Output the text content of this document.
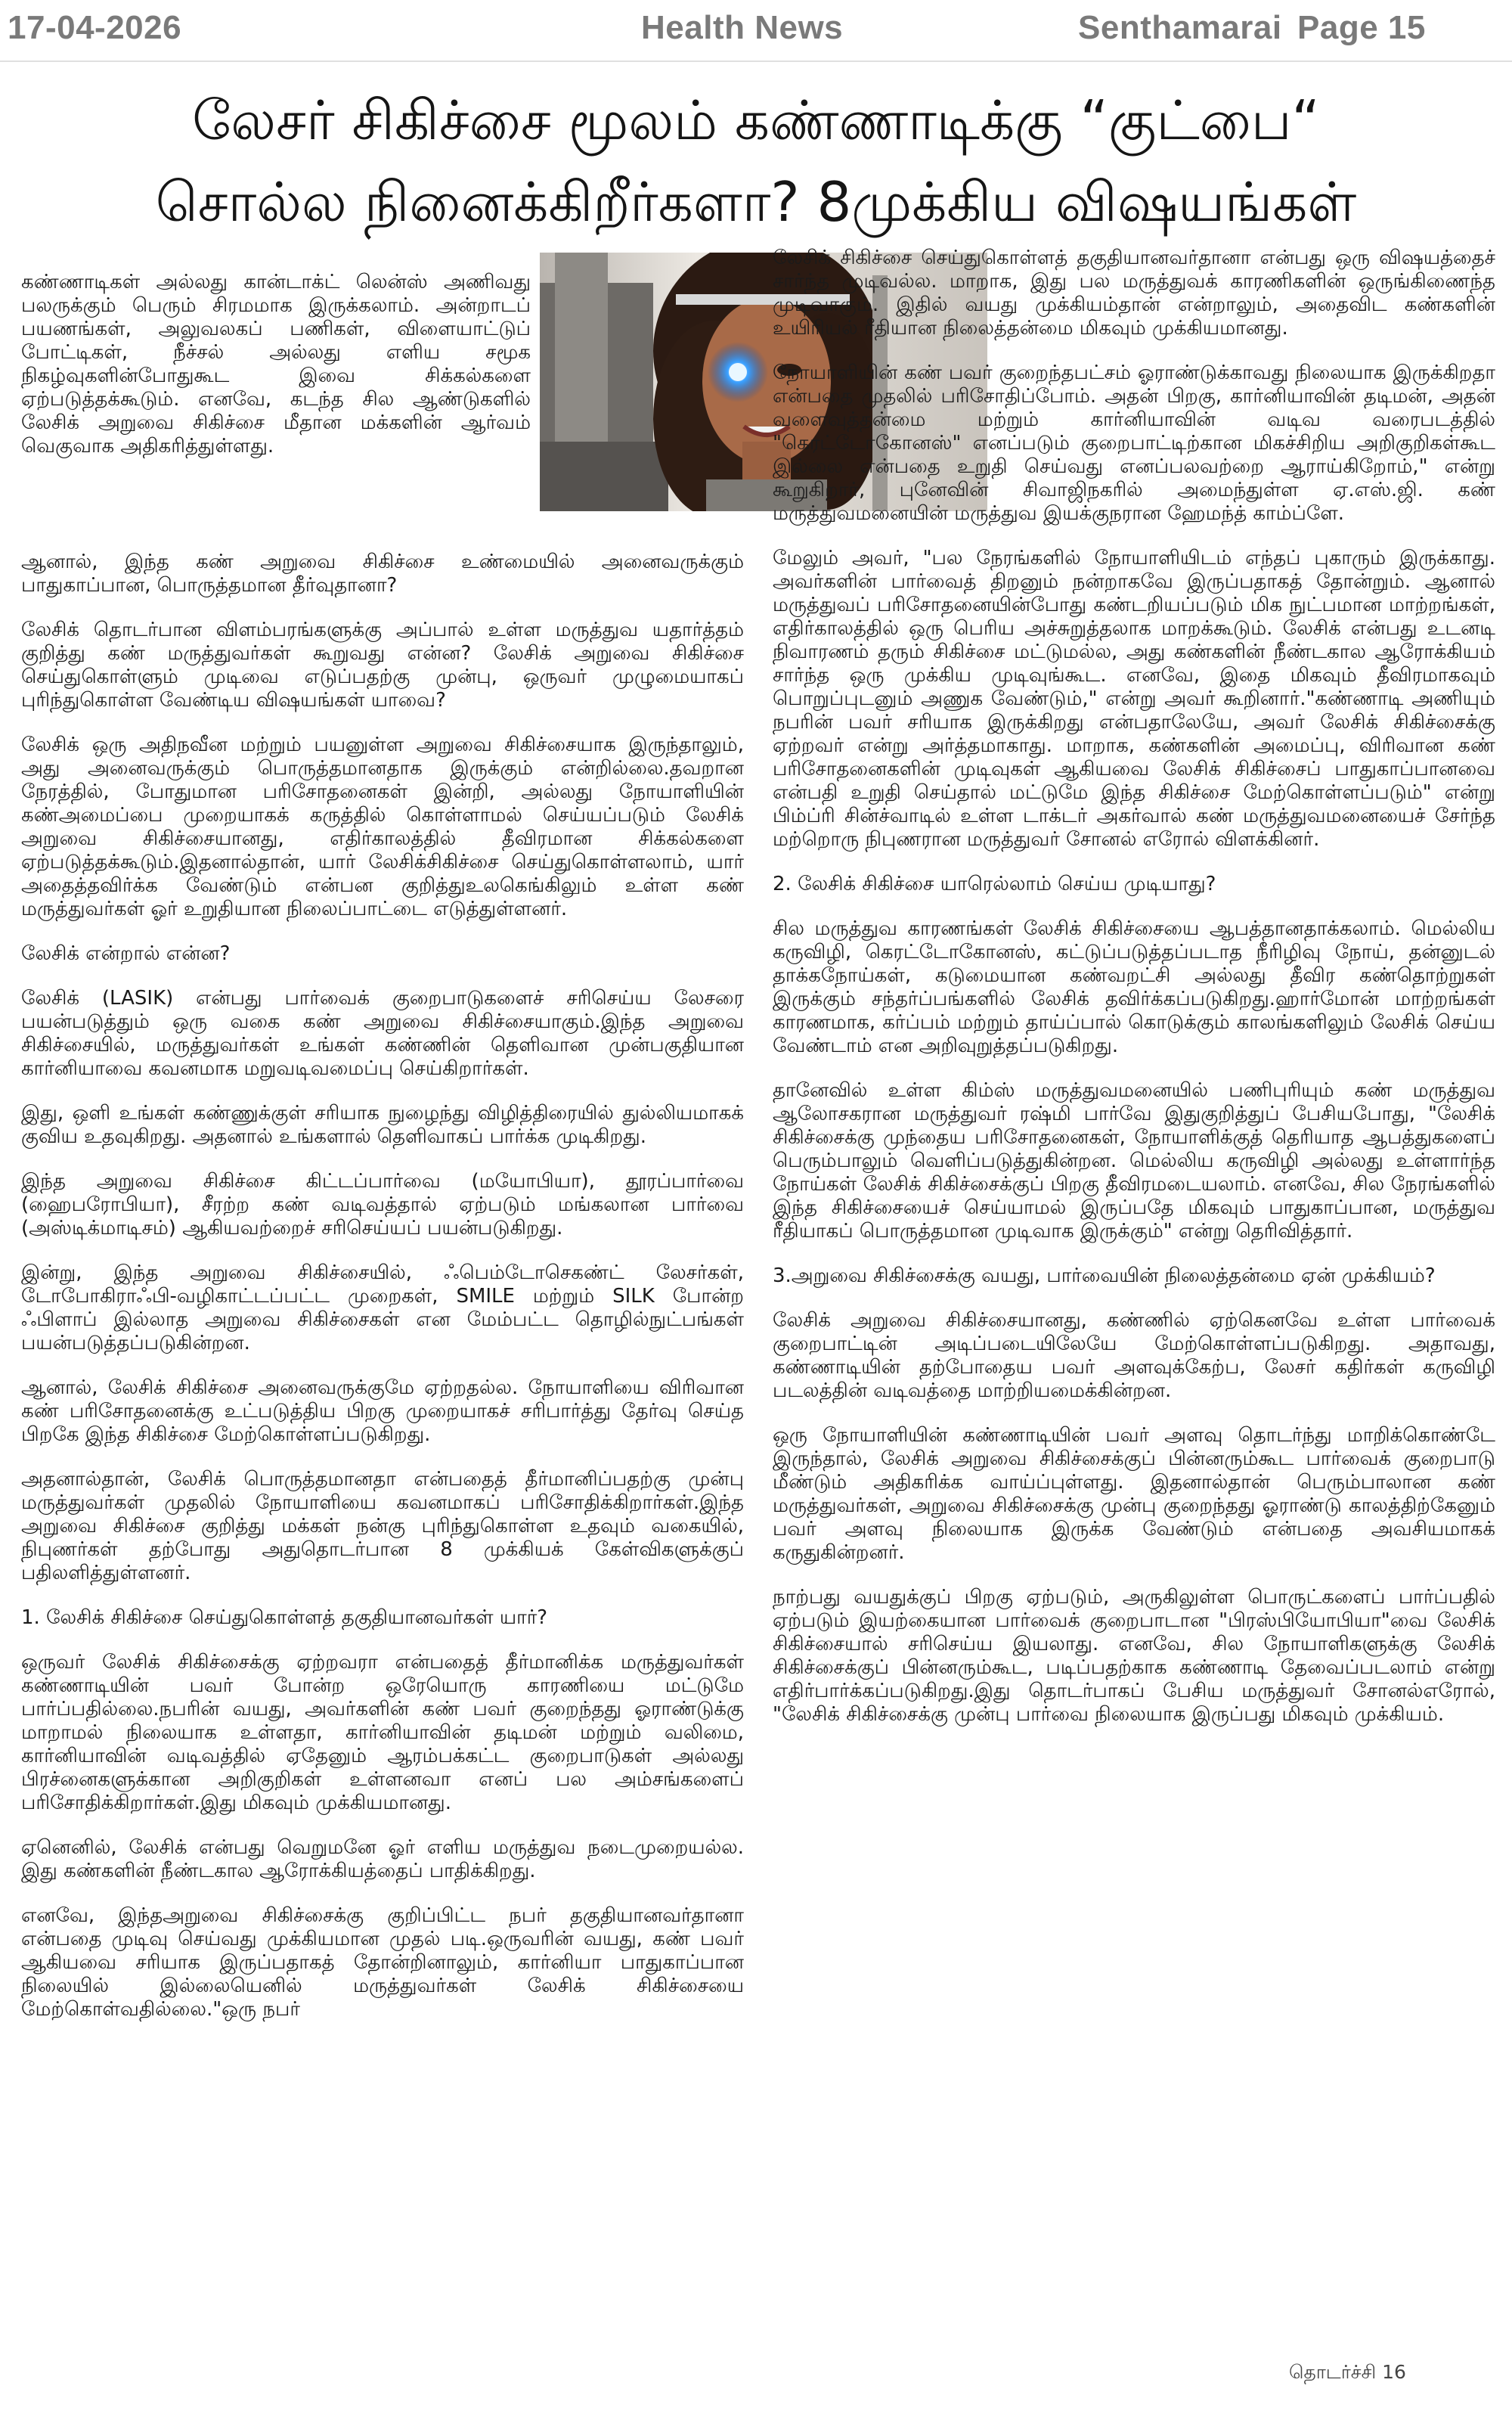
17-04-2026	Health News	Senthamarai Page 15
லேசர் சிகிச்சை மூலம் கண்ணாடிக்கு “குட்பை“
சொல்ல நினைக்கிறீர்களா? 8முக்கிய விஷயங்கள்

கண்ணாடிகள் அல்லது கான்டாக்ட் லென்ஸ் அணிவது பலருக்கும் பெரும் சிரமமாக இருக்கலாம். அன்றாடப் பயணங்கள், அலுவலகப் பணிகள், விளையாட்டுப் போட்டிகள், நீச்சல் அல்லது எளிய சமூக நிகழ்வுகளின்போதுகூட இவை சிக்கல்களை ஏற்படுத்தக்கூடும். எனவே, கடந்த சில ஆண்டுகளில் லேசிக் அறுவை சிகிச்சை மீதான மக்களின் ஆர்வம் வெகுவாக அதிகரித்துள்ளது.

ஆனால், இந்த கண் அறுவை சிகிச்சை உண்மையில் அனைவருக்கும் பாதுகாப்பான, பொருத்தமான தீர்வுதானா?

லேசிக் தொடர்பான விளம்பரங்களுக்கு அப்பால் உள்ள மருத்துவ யதார்த்தம் குறித்து கண் மருத்துவர்கள் கூறுவது என்ன? லேசிக் அறுவை சிகிச்சை செய்துகொள்ளும் முடிவை எடுப்பதற்கு முன்பு, ஒருவர் முழுமையாகப் புரிந்துகொள்ள வேண்டிய விஷயங்கள் யாவை?

லேசிக் ஒரு அதிநவீன மற்றும் பயனுள்ள அறுவை சிகிச்சையாக இருந்தாலும், அது அனைவருக்கும் பொருத்தமானதாக இருக்கும் என்றில்லை.தவறான நேரத்தில், போதுமான பரிசோதனைகள் இன்றி, அல்லது நோயாளியின் கண்அமைப்பை முறையாகக் கருத்தில் கொள்ளாமல் செய்யப்படும் லேசிக் அறுவை சிகிச்சையானது, எதிர்காலத்தில் தீவிரமான சிக்கல்களை ஏற்படுத்தக்கூடும்.இதனால்தான், யார் லேசிக்சிகிச்சை செய்துகொள்ளலாம், யார் அதைத்தவிர்க்க வேண்டும் என்பன குறித்துஉலகெங்கிலும் உள்ள கண் மருத்துவர்கள் ஓர் உறுதியான நிலைப்பாட்டை எடுத்துள்ளனர்.

லேசிக் என்றால் என்ன?

லேசிக் (LASIK) என்பது பார்வைக் குறைபாடுகளைச் சரிசெய்ய லேசரை பயன்படுத்தும் ஒரு வகை கண் அறுவை சிகிச்சையாகும்.இந்த அறுவை சிகிச்சையில், மருத்துவர்கள் உங்கள் கண்ணின் தெளிவான முன்பகுதியான கார்னியாவை கவனமாக மறுவடிவமைப்பு செய்கிறார்கள்.

இது, ஒளி உங்கள் கண்ணுக்குள் சரியாக நுழைந்து விழித்திரையில் துல்லியமாகக் குவிய உதவுகிறது. அதனால் உங்களால் தெளிவாகப் பார்க்க முடிகிறது.

இந்த அறுவை சிகிச்சை கிட்டப்பார்வை (மயோபியா), தூரப்பார்வை (ஹைபரோபியா), சீரற்ற கண் வடிவத்தால் ஏற்படும் மங்கலான பார்வை (அஸ்டிக்மாடிசம்) ஆகியவற்றைச் சரிசெய்யப் பயன்படுகிறது.

இன்று, இந்த அறுவை சிகிச்சையில், ஃபெம்டோசெகண்ட் லேசர்கள், டோபோகிராஃபி-வழிகாட்டப்பட்ட முறைகள், SMILE மற்றும் SILK போன்ற ஃபிளாப் இல்லாத அறுவை சிகிச்சைகள் என மேம்பட்ட தொழில்நுட்பங்கள் பயன்படுத்தப்படுகின்றன.

ஆனால், லேசிக் சிகிச்சை அனைவருக்குமே ஏற்றதல்ல. நோயாளியை விரிவான கண் பரிசோதனைக்கு உட்படுத்திய பிறகு முறையாகச் சரிபார்த்து தேர்வு செய்த பிறகே இந்த சிகிச்சை மேற்கொள்ளப்படுகிறது.

அதனால்தான், லேசிக் பொருத்தமானதா என்பதைத் தீர்மானிப்பதற்கு முன்பு மருத்துவர்கள் முதலில் நோயாளியை கவனமாகப் பரிசோதிக்கிறார்கள்.இந்த அறுவை சிகிச்சை குறித்து மக்கள் நன்கு புரிந்துகொள்ள உதவும் வகையில், நிபுணர்கள் தற்போது அதுதொடர்பான 8 முக்கியக் கேள்விகளுக்குப் பதிலளித்துள்ளனர்.

1. லேசிக் சிகிச்சை செய்துகொள்ளத் தகுதியானவர்கள் யார்?

ஒருவர் லேசிக் சிகிச்சைக்கு ஏற்றவரா என்பதைத் தீர்மானிக்க மருத்துவர்கள் கண்ணாடியின் பவர் போன்ற ஒரேயொரு காரணியை மட்டுமே பார்ப்பதில்லை.நபரின் வயது, அவர்களின் கண் பவர் குறைந்தது ஓராண்டுக்கு மாறாமல் நிலையாக உள்ளதா, கார்னியாவின் தடிமன் மற்றும் வலிமை, கார்னியாவின் வடிவத்தில் ஏதேனும் ஆரம்பக்கட்ட குறைபாடுகள் அல்லது பிரச்னைகளுக்கான அறிகுறிகள் உள்ளனவா எனப் பல அம்சங்களைப் பரிசோதிக்கிறார்கள்.இது மிகவும் முக்கியமானது.

ஏனெனில், லேசிக் என்பது வெறுமனே ஓர் எளிய மருத்துவ நடைமுறையல்ல. இது கண்களின் நீண்டகால ஆரோக்கியத்தைப் பாதிக்கிறது.

எனவே, இந்தஅறுவை சிகிச்சைக்கு குறிப்பிட்ட நபர் தகுதியானவர்தானா என்பதை முடிவு செய்வது முக்கியமான முதல் படி.ஒருவரின் வயது, கண் பவர் ஆகியவை சரியாக இருப்பதாகத் தோன்றினாலும், கார்னியா பாதுகாப்பான நிலையில் இல்லையெனில் மருத்துவர்கள் லேசிக் சிகிச்சையை மேற்கொள்வதில்லை."ஒரு நபர்

லேசிக் சிகிச்சை செய்துகொள்ளத் தகுதியானவர்தானா என்பது ஒரு விஷயத்தைச் சார்ந்த முடிவல்ல. மாறாக, இது பல மருத்துவக் காரணிகளின் ஒருங்கிணைந்த முடிவாகும். இதில் வயது முக்கியம்தான் என்றாலும், அதைவிட கண்களின் உயிரியல் ரீதியான நிலைத்தன்மை மிகவும் முக்கியமானது.

நோயாளியின் கண் பவர் குறைந்தபட்சம் ஓராண்டுக்காவது நிலையாக இருக்கிறதா என்பதை முதலில் பரிசோதிப்போம். அதன் பிறகு, கார்னியாவின் தடிமன், அதன் வளைவுத்தன்மை மற்றும் கார்னியாவின் வடிவ வரைபடத்தில் "கெரட்டோகோனஸ்" எனப்படும் குறைபாட்டிற்கான மிகச்சிறிய அறிகுறிகள்கூட இல்லை என்பதை உறுதி செய்வது எனப்பலவற்றை ஆராய்கிறோம்," என்று கூறுகிறார், புனேவின் சிவாஜிநகரில் அமைந்துள்ள ஏ.எஸ்.ஜி. கண் மருத்துவமனையின் மருத்துவ இயக்குநரான ஹேமந்த் காம்ப்ளே.

மேலும் அவர், "பல நேரங்களில் நோயாளியிடம் எந்தப் புகாரும் இருக்காது. அவர்களின் பார்வைத் திறனும் நன்றாகவே இருப்பதாகத் தோன்றும். ஆனால் மருத்துவப் பரிசோதனையின்போது கண்டறியப்படும் மிக நுட்பமான மாற்றங்கள், எதிர்காலத்தில் ஒரு பெரிய அச்சுறுத்தலாக மாறக்கூடும். லேசிக் என்பது உடனடி நிவாரணம் தரும் சிகிச்சை மட்டுமல்ல, அது கண்களின் நீண்டகால ஆரோக்கியம் சார்ந்த ஒரு முக்கிய முடிவுங்கூட. எனவே, இதை மிகவும் தீவிரமாகவும் பொறுப்புடனும் அணுக வேண்டும்," என்று அவர் கூறினார்."கண்ணாடி அணியும் நபரின் பவர் சரியாக இருக்கிறது என்பதாலேயே, அவர் லேசிக் சிகிச்சைக்கு ஏற்றவர் என்று அர்த்தமாகாது. மாறாக, கண்களின் அமைப்பு, விரிவான கண் பரிசோதனைகளின் முடிவுகள் ஆகியவை லேசிக் சிகிச்சைப் பாதுகாப்பானவை என்பதி உறுதி செய்தால் மட்டுமே இந்த சிகிச்சை மேற்கொள்ளப்படும்" என்று பிம்ப்ரி சின்ச்வாடில் உள்ள டாக்டர் அகர்வால் கண் மருத்துவமனையைச் சேர்ந்த மற்றொரு நிபுணரான மருத்துவர் சோனல் எரோல் விளக்கினர்.

2. லேசிக் சிகிச்சை யாரெல்லாம் செய்ய முடியாது?

சில மருத்துவ காரணங்கள் லேசிக் சிகிச்சையை ஆபத்தானதாக்கலாம். மெல்லிய கருவிழி, கெரட்டோகோனஸ், கட்டுப்படுத்தப்படாத நீரிழிவு நோய், தன்னுடல் தாக்கநோய்கள், கடுமையான கண்வறட்சி அல்லது தீவிர கண்தொற்றுகள் இருக்கும் சந்தர்ப்பங்களில் லேசிக் தவிர்க்கப்படுகிறது.ஹார்மோன் மாற்றங்கள் காரணமாக, கர்ப்பம் மற்றும் தாய்ப்பால் கொடுக்கும் காலங்களிலும் லேசிக் செய்ய வேண்டாம் என அறிவுறுத்தப்படுகிறது.

தானேவில் உள்ள கிம்ஸ் மருத்துவமனையில் பணிபுரியும் கண் மருத்துவ ஆலோசகரான மருத்துவர் ரஷ்மி பார்வே இதுகுறித்துப் பேசியபோது, "லேசிக் சிகிச்சைக்கு முந்தைய பரிசோதனைகள், நோயாளிக்குத் தெரியாத ஆபத்துகளைப் பெரும்பாலும் வெளிப்படுத்துகின்றன. மெல்லிய கருவிழி அல்லது உள்ளார்ந்த நோய்கள் லேசிக் சிகிச்சைக்குப் பிறகு தீவிரமடையலாம். எனவே, சில நேரங்களில் இந்த சிகிச்சையைச் செய்யாமல் இருப்பதே மிகவும் பாதுகாப்பான, மருத்துவ ரீதியாகப் பொருத்தமான முடிவாக இருக்கும்" என்று தெரிவித்தார்.

3.அறுவை சிகிச்சைக்கு வயது, பார்வையின் நிலைத்தன்மை ஏன் முக்கியம்?

லேசிக் அறுவை சிகிச்சையானது, கண்ணில் ஏற்கெனவே உள்ள பார்வைக் குறைபாட்டின் அடிப்படையிலேயே மேற்கொள்ளப்படுகிறது. அதாவது, கண்ணாடியின் தற்போதைய பவர் அளவுக்கேற்ப, லேசர் கதிர்கள் கருவிழி படலத்தின் வடிவத்தை மாற்றியமைக்கின்றன.

ஒரு நோயாளியின் கண்ணாடியின் பவர் அளவு தொடர்ந்து மாறிக்கொண்டே இருந்தால், லேசிக் அறுவை சிகிச்சைக்குப் பின்னரும்கூட பார்வைக் குறைபாடு மீண்டும் அதிகரிக்க வாய்ப்புள்ளது. இதனால்தான் பெரும்பாலான கண் மருத்துவர்கள், அறுவை சிகிச்சைக்கு முன்பு குறைந்தது ஓராண்டு காலத்திற்கேனும் பவர் அளவு நிலையாக இருக்க வேண்டும் என்பதை அவசியமாகக் கருதுகின்றனர்.

நாற்பது வயதுக்குப் பிறகு ஏற்படும், அருகிலுள்ள பொருட்களைப் பார்ப்பதில் ஏற்படும் இயற்கையான பார்வைக் குறைபாடான "பிரஸ்பியோபியா"வை லேசிக் சிகிச்சையால் சரிசெய்ய இயலாது. எனவே, சில நோயாளிகளுக்கு லேசிக் சிகிச்சைக்குப் பின்னரும்கூட, படிப்பதற்காக கண்ணாடி தேவைப்படலாம் என்று எதிர்பார்க்கப்படுகிறது.இது தொடர்பாகப் பேசிய மருத்துவர் சோனல்எரோல், "லேசிக் சிகிச்சைக்கு முன்பு பார்வை நிலையாக இருப்பது மிகவும் முக்கியம்.

தொடர்ச்சி 16
